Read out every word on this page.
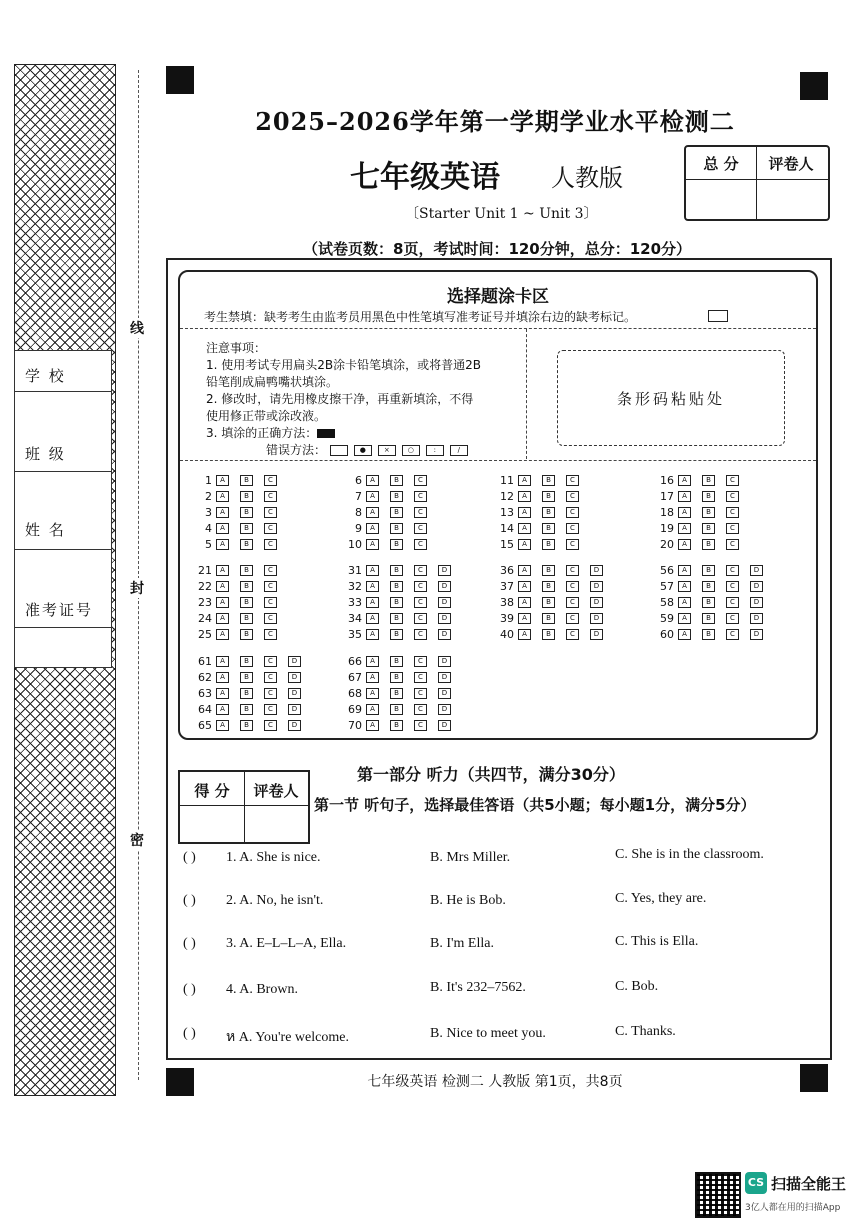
学 校
班 级
姓 名
准考证号
线
封
密
2025–2026学年第一学期学业水平检测二
七年级英语 人教版
〔Starter Unit 1 ~ Unit 3〕
（试卷页数：8页，考试时间：120分钟，总分：120分）
总 分	评卷人
选择题涂卡区
考生禁填：缺考考生由监考员用黑色中性笔填写准考证号并填涂右边的缺考标记。
注意事项：
1. 使用考试专用扁头2B涂卡铅笔填涂，或将普通2B
铅笔削成扁鸭嘴状填涂。
2. 修改时，请先用橡皮擦干净，再重新填涂，不得
使用修正带或涂改液。
3. 填涂的正确方法：
错误方法：	●	×	○	:	/
条形码粘贴处
1 A	B	C
2 A	B	C
3 A	B	C
4 A	B	C
5 A	B	C
6 A	B	C
7 A	B	C
8 A	B	C
9 A	B	C
10 A	B	C
11 A	B	C
12 A	B	C
13 A	B	C
14 A	B	C
15 A	B	C
16 A	B	C
17 A	B	C
18 A	B	C
19 A	B	C
20 A	B	C
21 A	B	C
22 A	B	C
23 A	B	C
24 A	B	C
25 A	B	C
31 A	B	C	D
32 A	B	C	D
33 A	B	C	D
34 A	B	C	D
35 A	B	C	D
36 A	B	C	D
37 A	B	C	D
38 A	B	C	D
39 A	B	C	D
40 A	B	C	D
56 A	B	C	D
57 A	B	C	D
58 A	B	C	D
59 A	B	C	D
60 A	B	C	D
61 A	B	C	D
62 A	B	C	D
63 A	B	C	D
64 A	B	C	D
65 A	B	C	D
66 A	B	C	D
67 A	B	C	D
68 A	B	C	D
69 A	B	C	D
70 A	B	C	D
得 分	评卷人
第一部分 听力（共四节，满分30分）
第一节 听句子，选择最佳答语（共5小题；每小题1分，满分5分）
( ) 1. A. She is nice.	B. Mrs Miller.	C. She is in the classroom.
( ) 2. A. No, he isn't.	B. He is Bob.	C. Yes, they are.
( ) 3. A. E–L–L–A, Ella.	B. I'm Ella.	C. This is Ella.
( ) 4. A. Brown.	B. It's 232–7562.	C. Bob.
( ) ห A. You're welcome.	B. Nice to meet you.	C. Thanks.
七年级英语 检测二 人教版 第1页，共8页
CS 扫描全能王
3亿人都在用的扫描App
